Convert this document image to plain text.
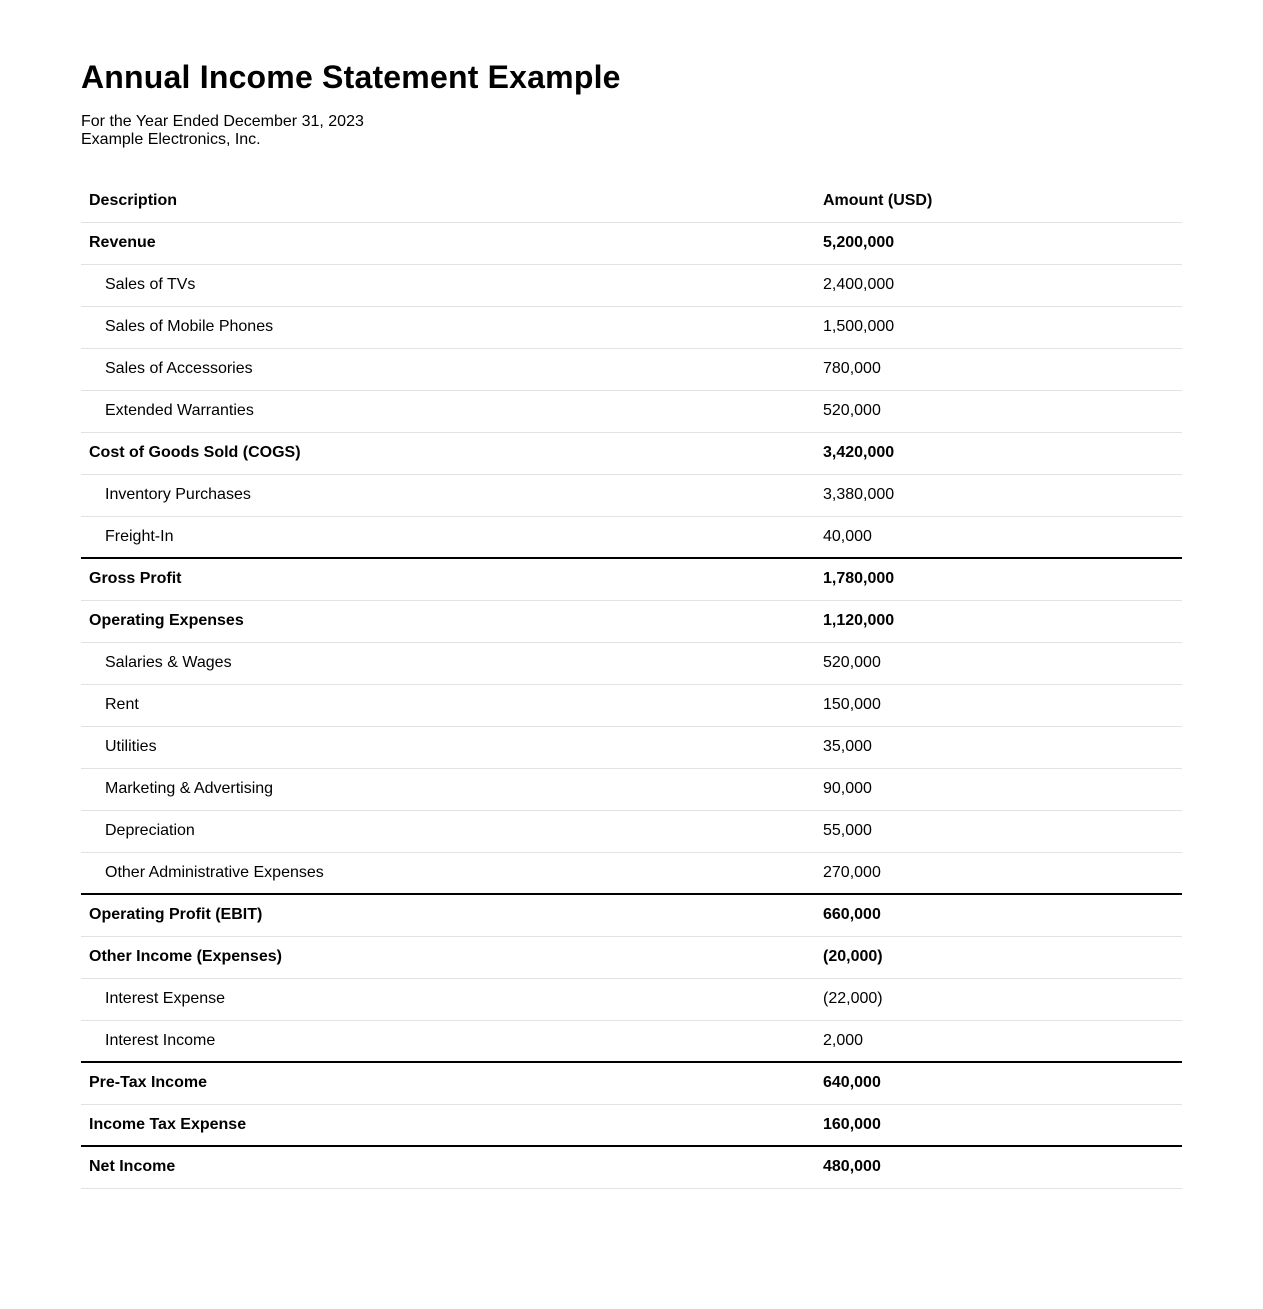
Annual Income Statement Example
For the Year Ended December 31, 2023
Example Electronics, Inc.
Description	Amount (USD)
Revenue	5,200,000
Sales of TVs	2,400,000
Sales of Mobile Phones	1,500,000
Sales of Accessories	780,000
Extended Warranties	520,000
Cost of Goods Sold (COGS)	3,420,000
Inventory Purchases	3,380,000
Freight-In	40,000
Gross Profit	1,780,000
Operating Expenses	1,120,000
Salaries & Wages	520,000
Rent	150,000
Utilities	35,000
Marketing & Advertising	90,000
Depreciation	55,000
Other Administrative Expenses	270,000
Operating Profit (EBIT)	660,000
Other Income (Expenses)	(20,000)
Interest Expense	(22,000)
Interest Income	2,000
Pre-Tax Income	640,000
Income Tax Expense	160,000
Net Income	480,000
